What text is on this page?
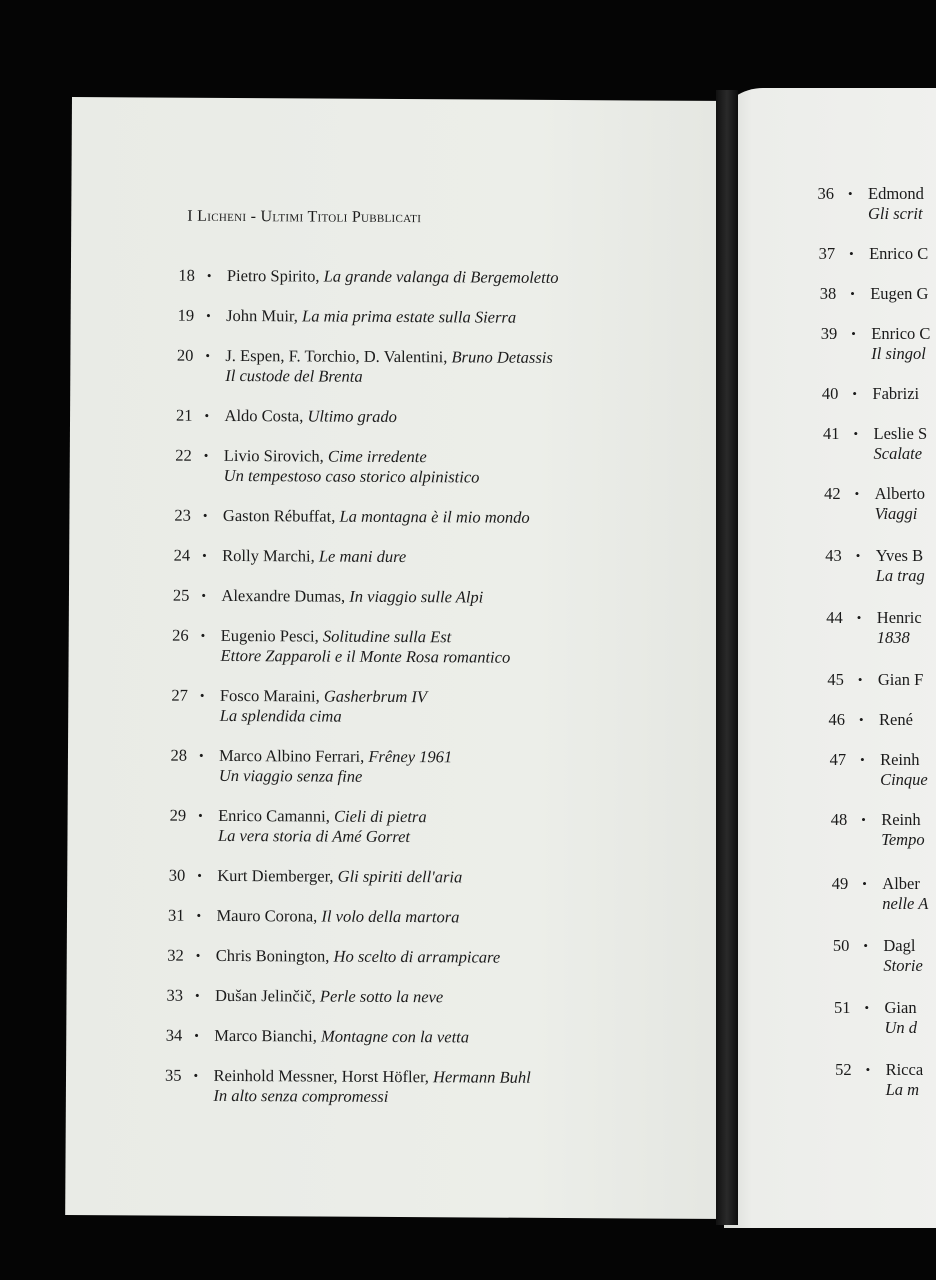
I Licheni - Ultimi Titoli Pubblicati
18 • Pietro Spirito, La grande valanga di Bergemoletto
19 • John Muir, La mia prima estate sulla Sierra
20 • J. Espen, F. Torchio, D. Valentini, Bruno Detassis
Il custode del Brenta
21 • Aldo Costa, Ultimo grado
22 • Livio Sirovich, Cime irredente
Un tempestoso caso storico alpinistico
23 • Gaston Rébuffat, La montagna è il mio mondo
24 • Rolly Marchi, Le mani dure
25 • Alexandre Dumas, In viaggio sulle Alpi
26 • Eugenio Pesci, Solitudine sulla Est
Ettore Zapparoli e il Monte Rosa romantico
27 • Fosco Maraini, Gasherbrum IV
La splendida cima
28 • Marco Albino Ferrari, Frêney 1961
Un viaggio senza fine
29 • Enrico Camanni, Cieli di pietra
La vera storia di Amé Gorret
30 • Kurt Diemberger, Gli spiriti dell'aria
31 • Mauro Corona, Il volo della martora
32 • Chris Bonington, Ho scelto di arrampicare
33 • Dušan Jelinčič, Perle sotto la neve
34 • Marco Bianchi, Montagne con la vetta
35 • Reinhold Messner, Horst Höfler, Hermann Buhl
In alto senza compromessi
36 • Edmond
Gli scrit
37 • Enrico C
38 • Eugen G
39 • Enrico C
Il singol
40 • Fabrizi
41 • Leslie S
Scalate
42 • Alberto
Viaggi
43 • Yves B
La trag
44 • Henric
1838
45 • Gian F
46 • René
47 • Reinh
Cinque
48 • Reinh
Tempo
49 • Alber
nelle A
50 • Dagl
Storie
51 • Gian
Un d
52 • Ricca
La m
